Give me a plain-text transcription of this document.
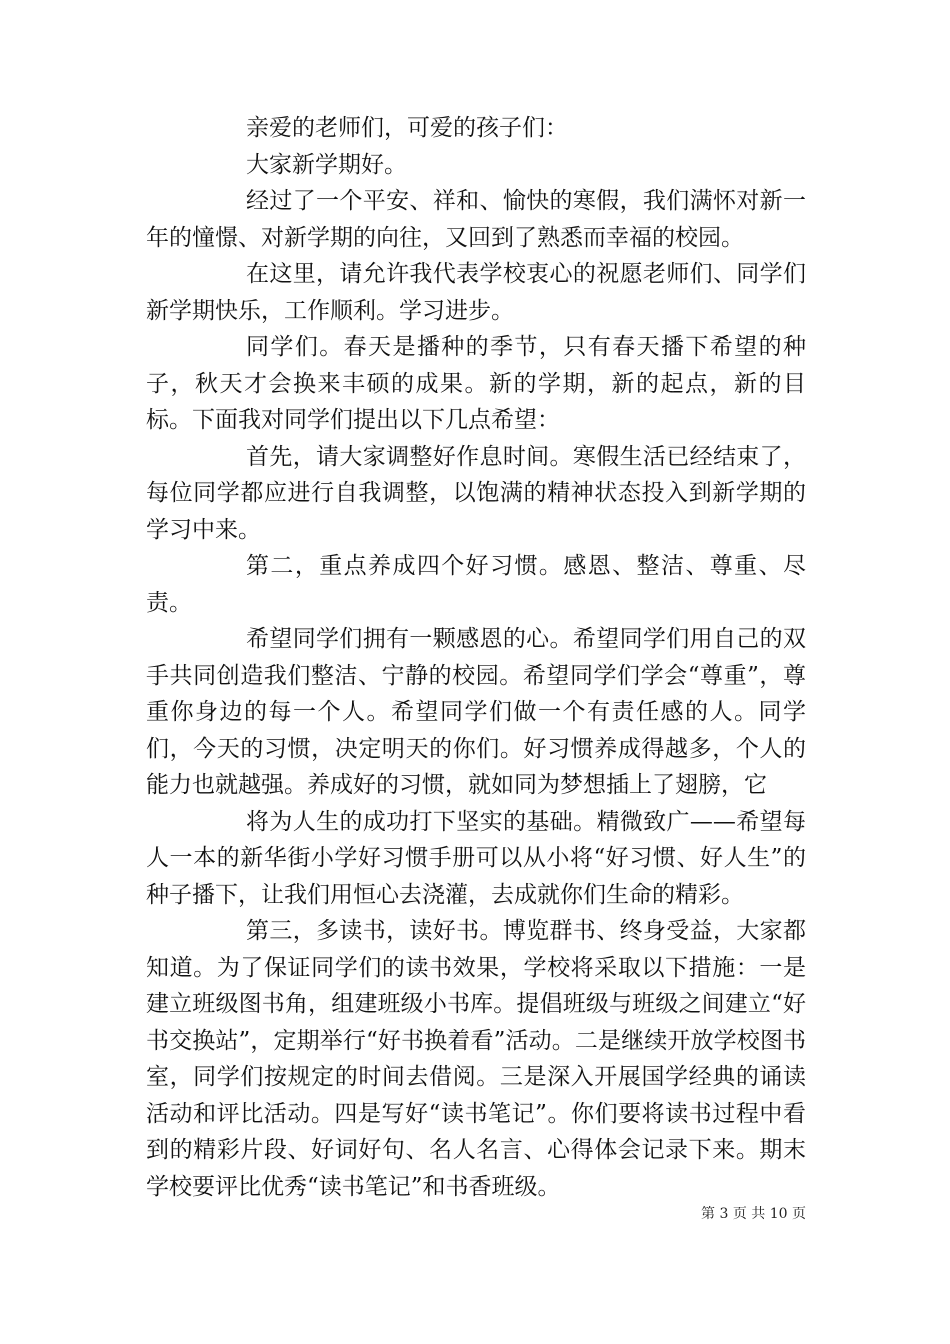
亲爱的老师们，可爱的孩子们：

大家新学期好。

经过了一个平安、祥和、愉快的寒假，我们满怀对新一年的憧憬、对新学期的向往，又回到了熟悉而幸福的校园。

在这里，请允许我代表学校衷心的祝愿老师们、同学们新学期快乐，工作顺利。学习进步。

同学们。春天是播种的季节，只有春天播下希望的种子，秋天才会换来丰硕的成果。新的学期，新的起点，新的目标。下面我对同学们提出以下几点希望：

首先，请大家调整好作息时间。寒假生活已经结束了，每位同学都应进行自我调整，以饱满的精神状态投入到新学期的学习中来。

第二，重点养成四个好习惯。感恩、整洁、尊重、尽责。

希望同学们拥有一颗感恩的心。希望同学们用自己的双手共同创造我们整洁、宁静的校园。希望同学们学会“尊重”，尊重你身边的每一个人。希望同学们做一个有责任感的人。同学们，今天的习惯，决定明天的你们。好习惯养成得越多，个人的能力也就越强。养成好的习惯，就如同为梦想插上了翅膀，它

将为人生的成功打下坚实的基础。精微致广——希望每人一本的新华街小学好习惯手册可以从小将“好习惯、好人生”的种子播下，让我们用恒心去浇灌，去成就你们生命的精彩。

第三，多读书，读好书。博览群书、终身受益，大家都知道。为了保证同学们的读书效果，学校将采取以下措施：一是建立班级图书角，组建班级小书库。提倡班级与班级之间建立“好书交换站”，定期举行“好书换着看”活动。二是继续开放学校图书室，同学们按规定的时间去借阅。三是深入开展国学经典的诵读活动和评比活动。四是写好“读书笔记”。你们要将读书过程中看到的精彩片段、好词好句、名人名言、心得体会记录下来。期末学校要评比优秀“读书笔记”和书香班级。

第 3 页 共 10 页
